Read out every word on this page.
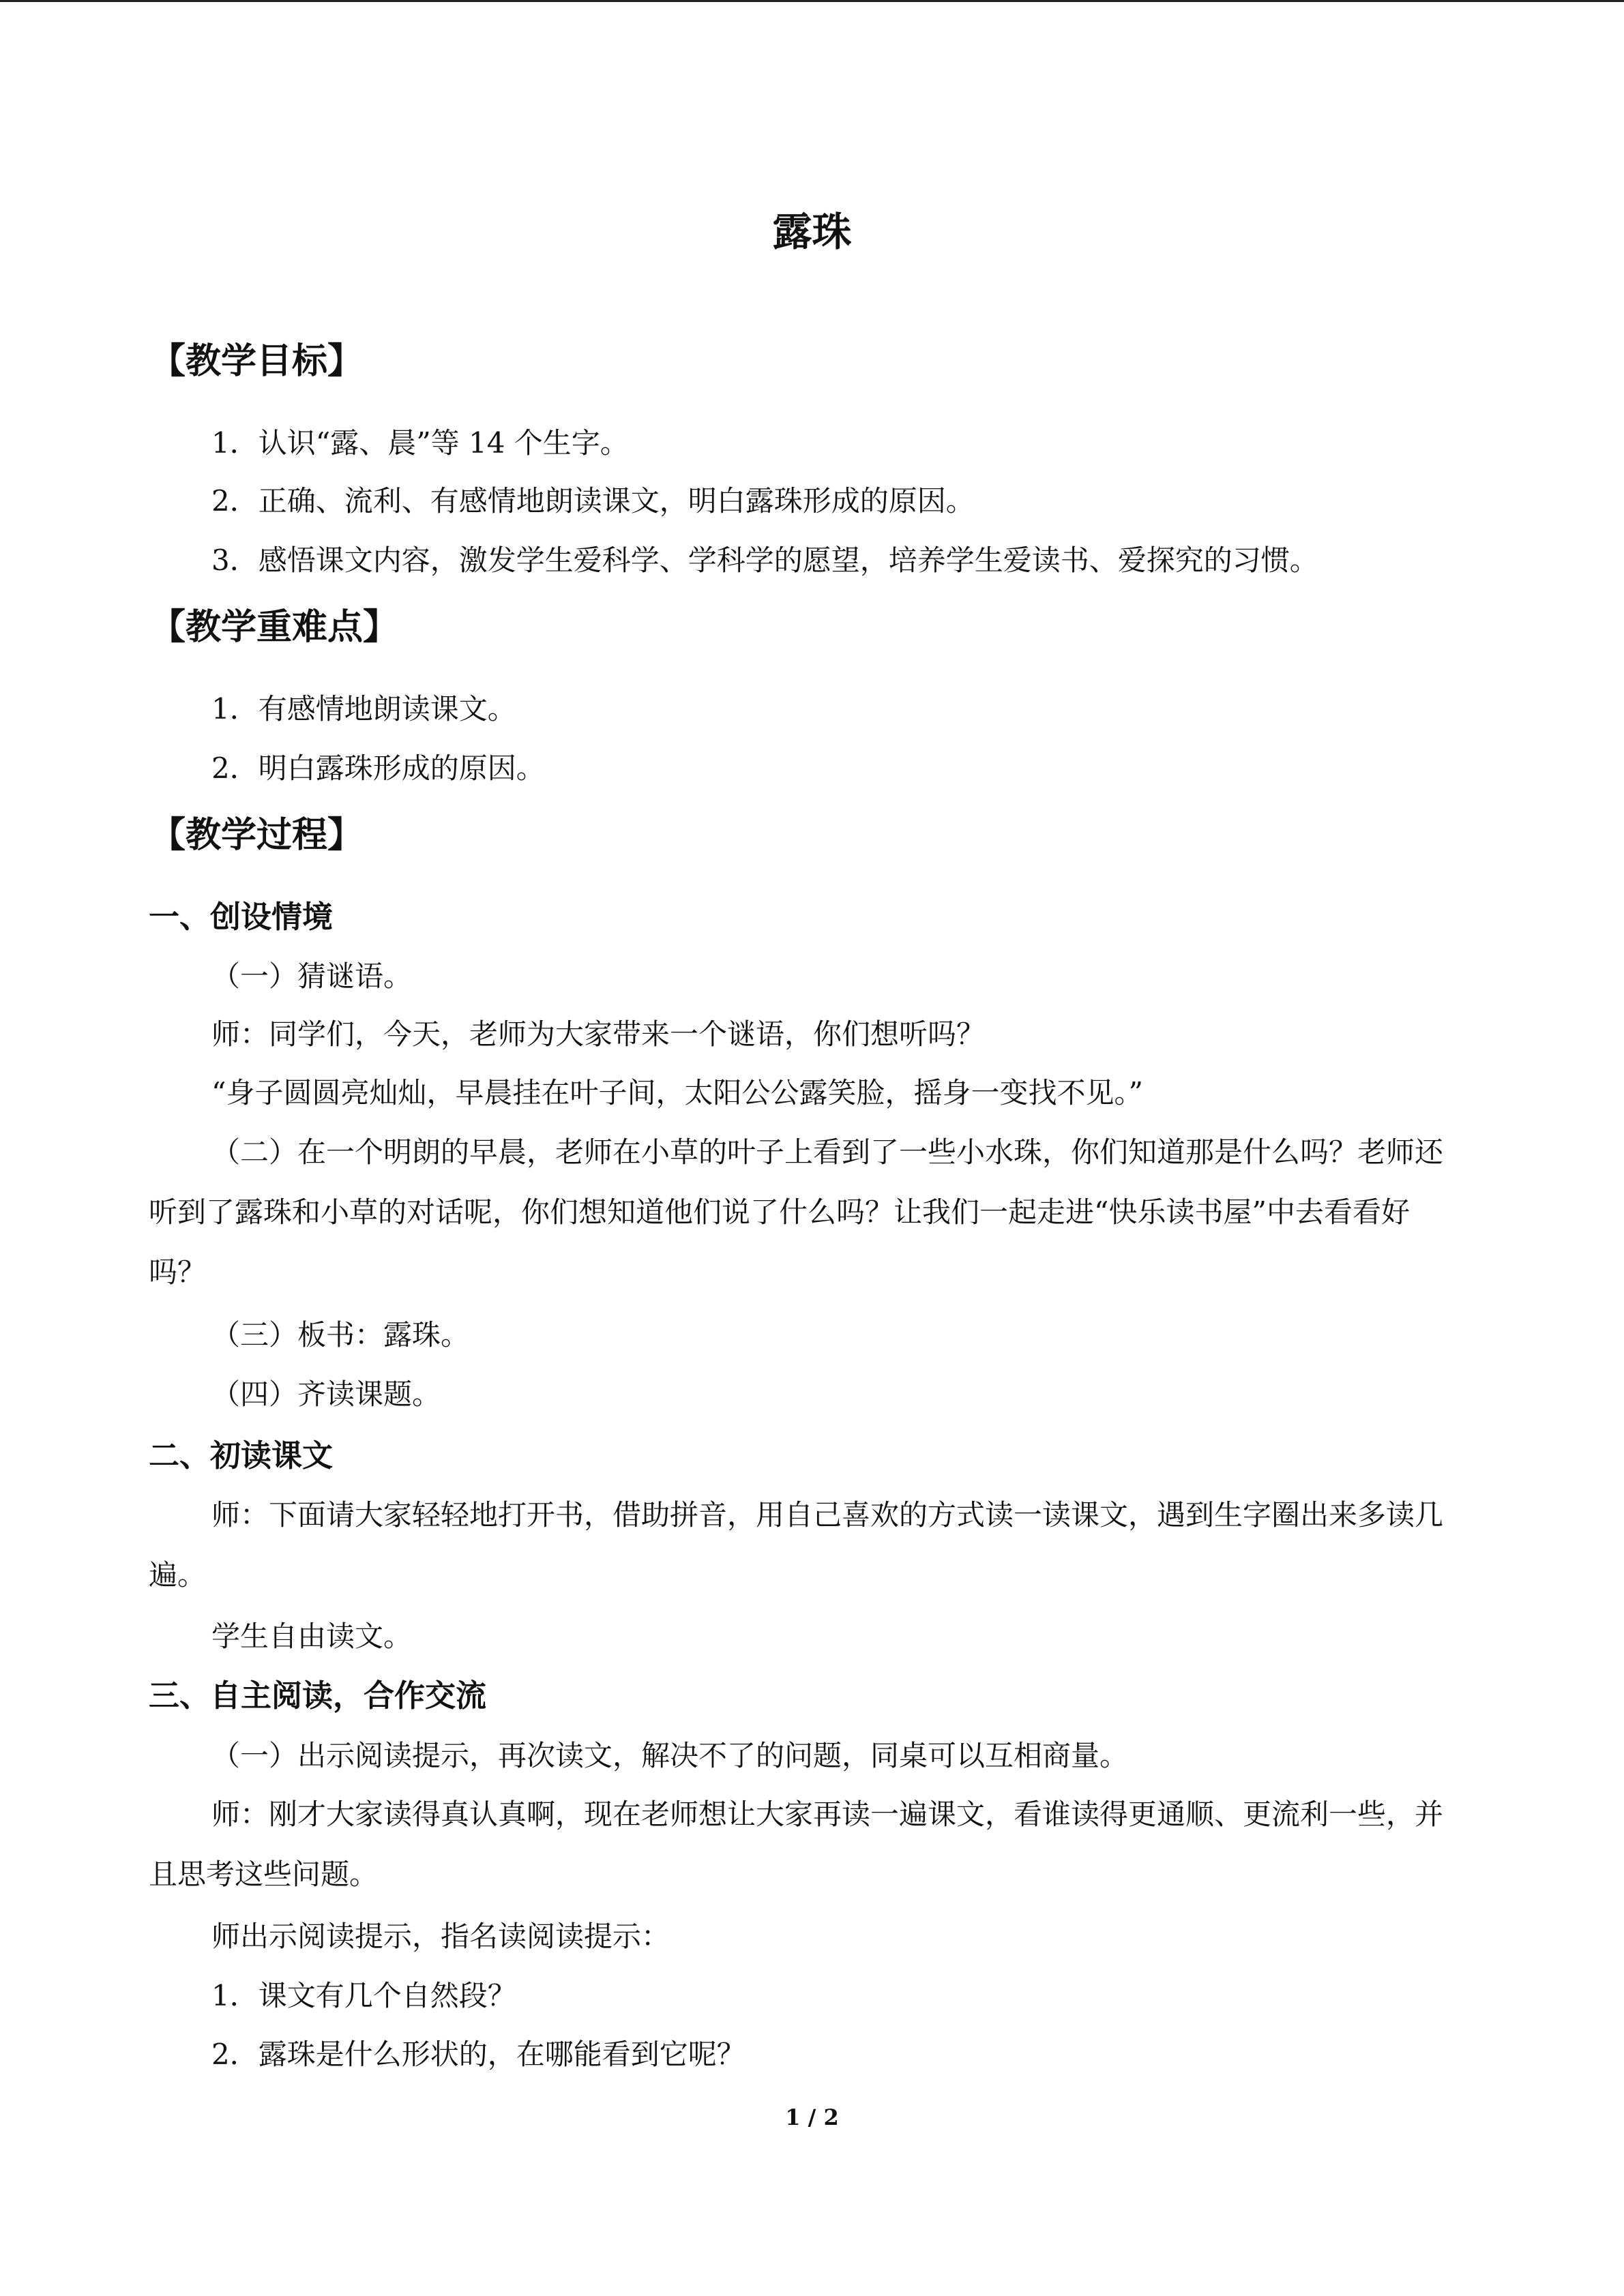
露珠
【教学目标】
1．认识“露、晨”等 14 个生字。
2．正确、流利、有感情地朗读课文，明白露珠形成的原因。
3．感悟课文内容，激发学生爱科学、学科学的愿望，培养学生爱读书、爱探究的习惯。
【教学重难点】
1．有感情地朗读课文。
2．明白露珠形成的原因。
【教学过程】
一、创设情境
（一）猜谜语。
师：同学们，今天，老师为大家带来一个谜语，你们想听吗？
“身子圆圆亮灿灿，早晨挂在叶子间，太阳公公露笑脸，摇身一变找不见。”
（二）在一个明朗的早晨，老师在小草的叶子上看到了一些小水珠，你们知道那是什么吗？老师还听到了露珠和小草的对话呢，你们想知道他们说了什么吗？让我们一起走进“快乐读书屋”中去看看好吗？
（三）板书：露珠。
（四）齐读课题。
二、初读课文
师：下面请大家轻轻地打开书，借助拼音，用自己喜欢的方式读一读课文，遇到生字圈出来多读几遍。
学生自由读文。
三、自主阅读，合作交流
（一）出示阅读提示，再次读文，解决不了的问题，同桌可以互相商量。
师：刚才大家读得真认真啊，现在老师想让大家再读一遍课文，看谁读得更通顺、更流利一些，并且思考这些问题。
师出示阅读提示，指名读阅读提示：
1．课文有几个自然段？
2．露珠是什么形状的，在哪能看到它呢？
1 / 2
